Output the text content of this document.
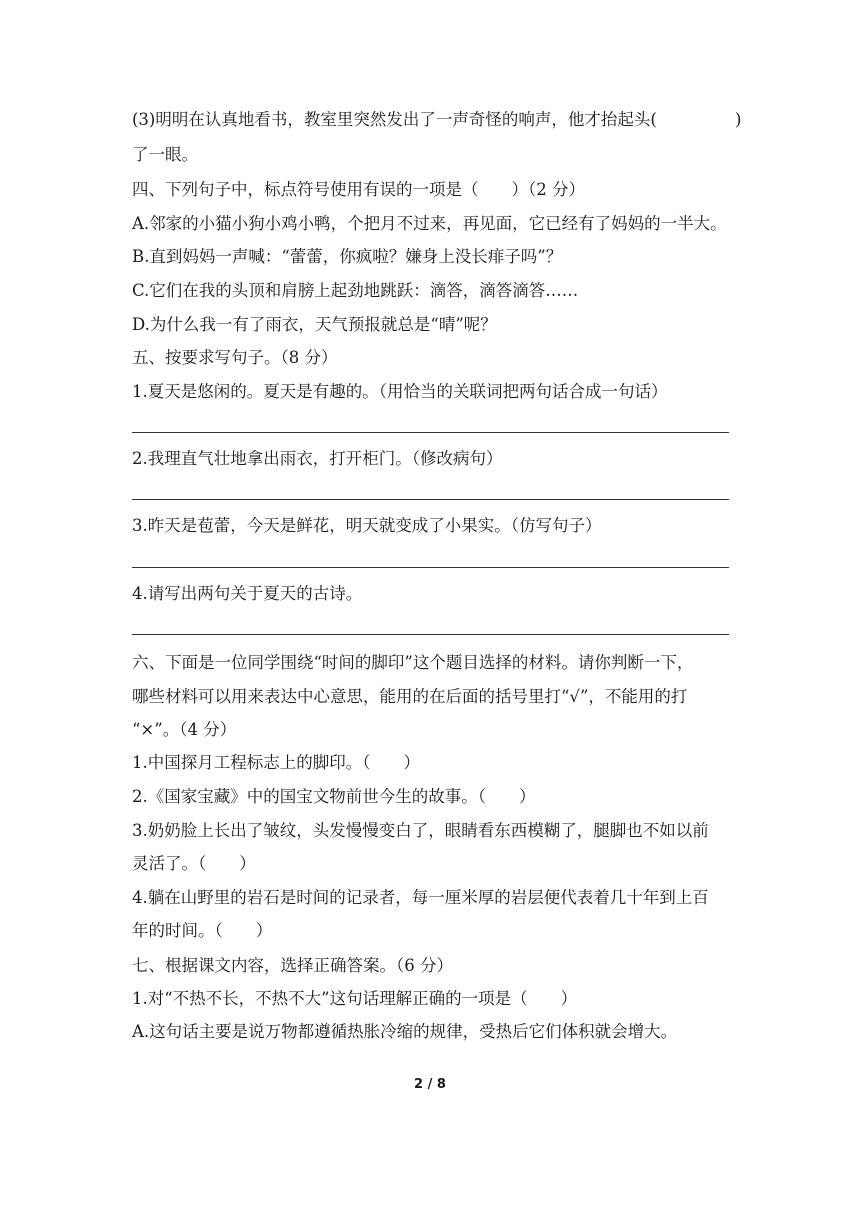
(3)明明在认真地看书，教室里突然发出了一声奇怪的响声，他才抬起头(	)
了一眼。
四、下列句子中，标点符号使用有误的一项是（　　）（2 分）
A.邻家的小猫小狗小鸡小鸭，个把月不过来，再见面，它已经有了妈妈的一半大。
B.直到妈妈一声喊：“蕾蕾，你疯啦？嫌身上没长痱子吗”？
C.它们在我的头顶和肩膀上起劲地跳跃：滴答，滴答滴答……
D.为什么我一有了雨衣，天气预报就总是“晴”呢？
五、按要求写句子。（8 分）
1.夏天是悠闲的。夏天是有趣的。（用恰当的关联词把两句话合成一句话）
2.我理直气壮地拿出雨衣，打开柜门。（修改病句）
3.昨天是苞蕾，今天是鲜花，明天就变成了小果实。（仿写句子）
4.请写出两句关于夏天的古诗。
六、下面是一位同学围绕“时间的脚印”这个题目选择的材料。请你判断一下，
哪些材料可以用来表达中心意思，能用的在后面的括号里打“√”，不能用的打
“×”。（4 分）
1.中国探月工程标志上的脚印。（　　）
2.《国家宝藏》中的国宝文物前世今生的故事。（　　）
3.奶奶脸上长出了皱纹，头发慢慢变白了，眼睛看东西模糊了，腿脚也不如以前
灵活了。（　　）
4.躺在山野里的岩石是时间的记录者，每一厘米厚的岩层便代表着几十年到上百
年的时间。（　　）
七、根据课文内容，选择正确答案。（6 分）
1.对“不热不长，不热不大”这句话理解正确的一项是（　　）
A.这句话主要是说万物都遵循热胀冷缩的规律，受热后它们体积就会增大。
2 / 8
